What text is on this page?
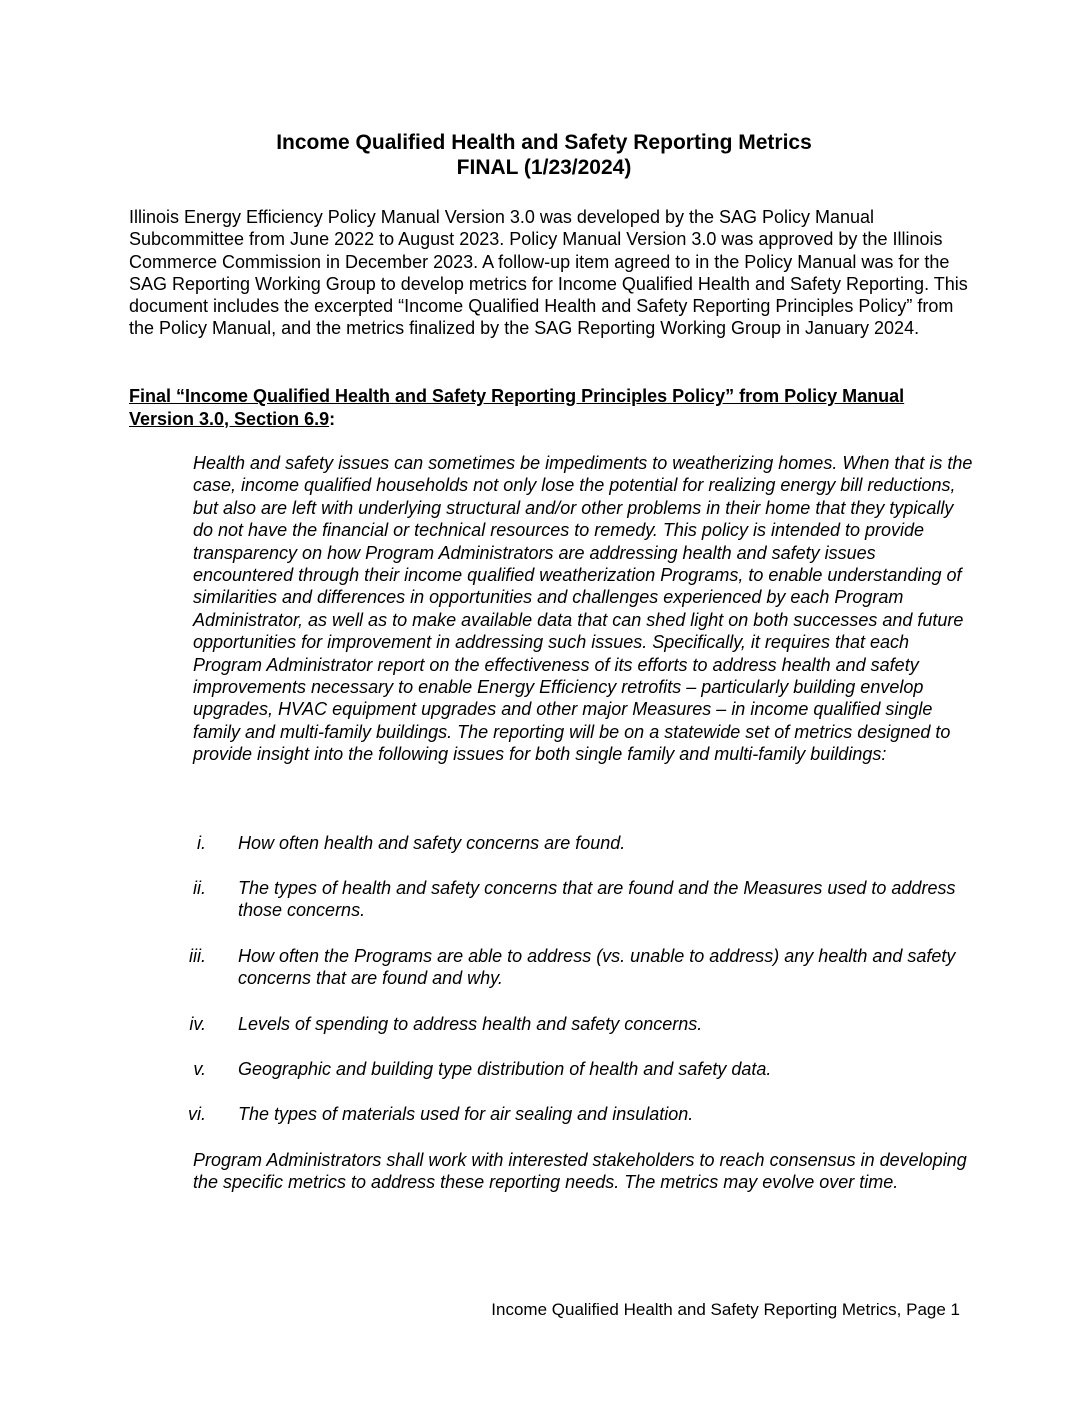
Income Qualified Health and Safety Reporting Metrics
FINAL (1/23/2024)
Illinois Energy Efficiency Policy Manual Version 3.0 was developed by the SAG Policy Manual Subcommittee from June 2022 to August 2023. Policy Manual Version 3.0 was approved by the Illinois Commerce Commission in December 2023. A follow-up item agreed to in the Policy Manual was for the SAG Reporting Working Group to develop metrics for Income Qualified Health and Safety Reporting. This document includes the excerpted “Income Qualified Health and Safety Reporting Principles Policy” from the Policy Manual, and the metrics finalized by the SAG Reporting Working Group in January 2024.
Final “Income Qualified Health and Safety Reporting Principles Policy” from Policy Manual Version 3.0, Section 6.9:
Health and safety issues can sometimes be impediments to weatherizing homes. When that is the case, income qualified households not only lose the potential for realizing energy bill reductions, but also are left with underlying structural and/or other problems in their home that they typically do not have the financial or technical resources to remedy. This policy is intended to provide transparency on how Program Administrators are addressing health and safety issues encountered through their income qualified weatherization Programs, to enable understanding of similarities and differences in opportunities and challenges experienced by each Program Administrator, as well as to make available data that can shed light on both successes and future opportunities for improvement in addressing such issues. Specifically, it requires that each Program Administrator report on the effectiveness of its efforts to address health and safety improvements necessary to enable Energy Efficiency retrofits – particularly building envelop upgrades, HVAC equipment upgrades and other major Measures – in income qualified single family and multi-family buildings. The reporting will be on a statewide set of metrics designed to provide insight into the following issues for both single family and multi-family buildings:
i. How often health and safety concerns are found.
ii. The types of health and safety concerns that are found and the Measures used to address those concerns.
iii. How often the Programs are able to address (vs. unable to address) any health and safety concerns that are found and why.
iv. Levels of spending to address health and safety concerns.
v. Geographic and building type distribution of health and safety data.
vi. The types of materials used for air sealing and insulation.
Program Administrators shall work with interested stakeholders to reach consensus in developing the specific metrics to address these reporting needs. The metrics may evolve over time.
Income Qualified Health and Safety Reporting Metrics, Page 1
